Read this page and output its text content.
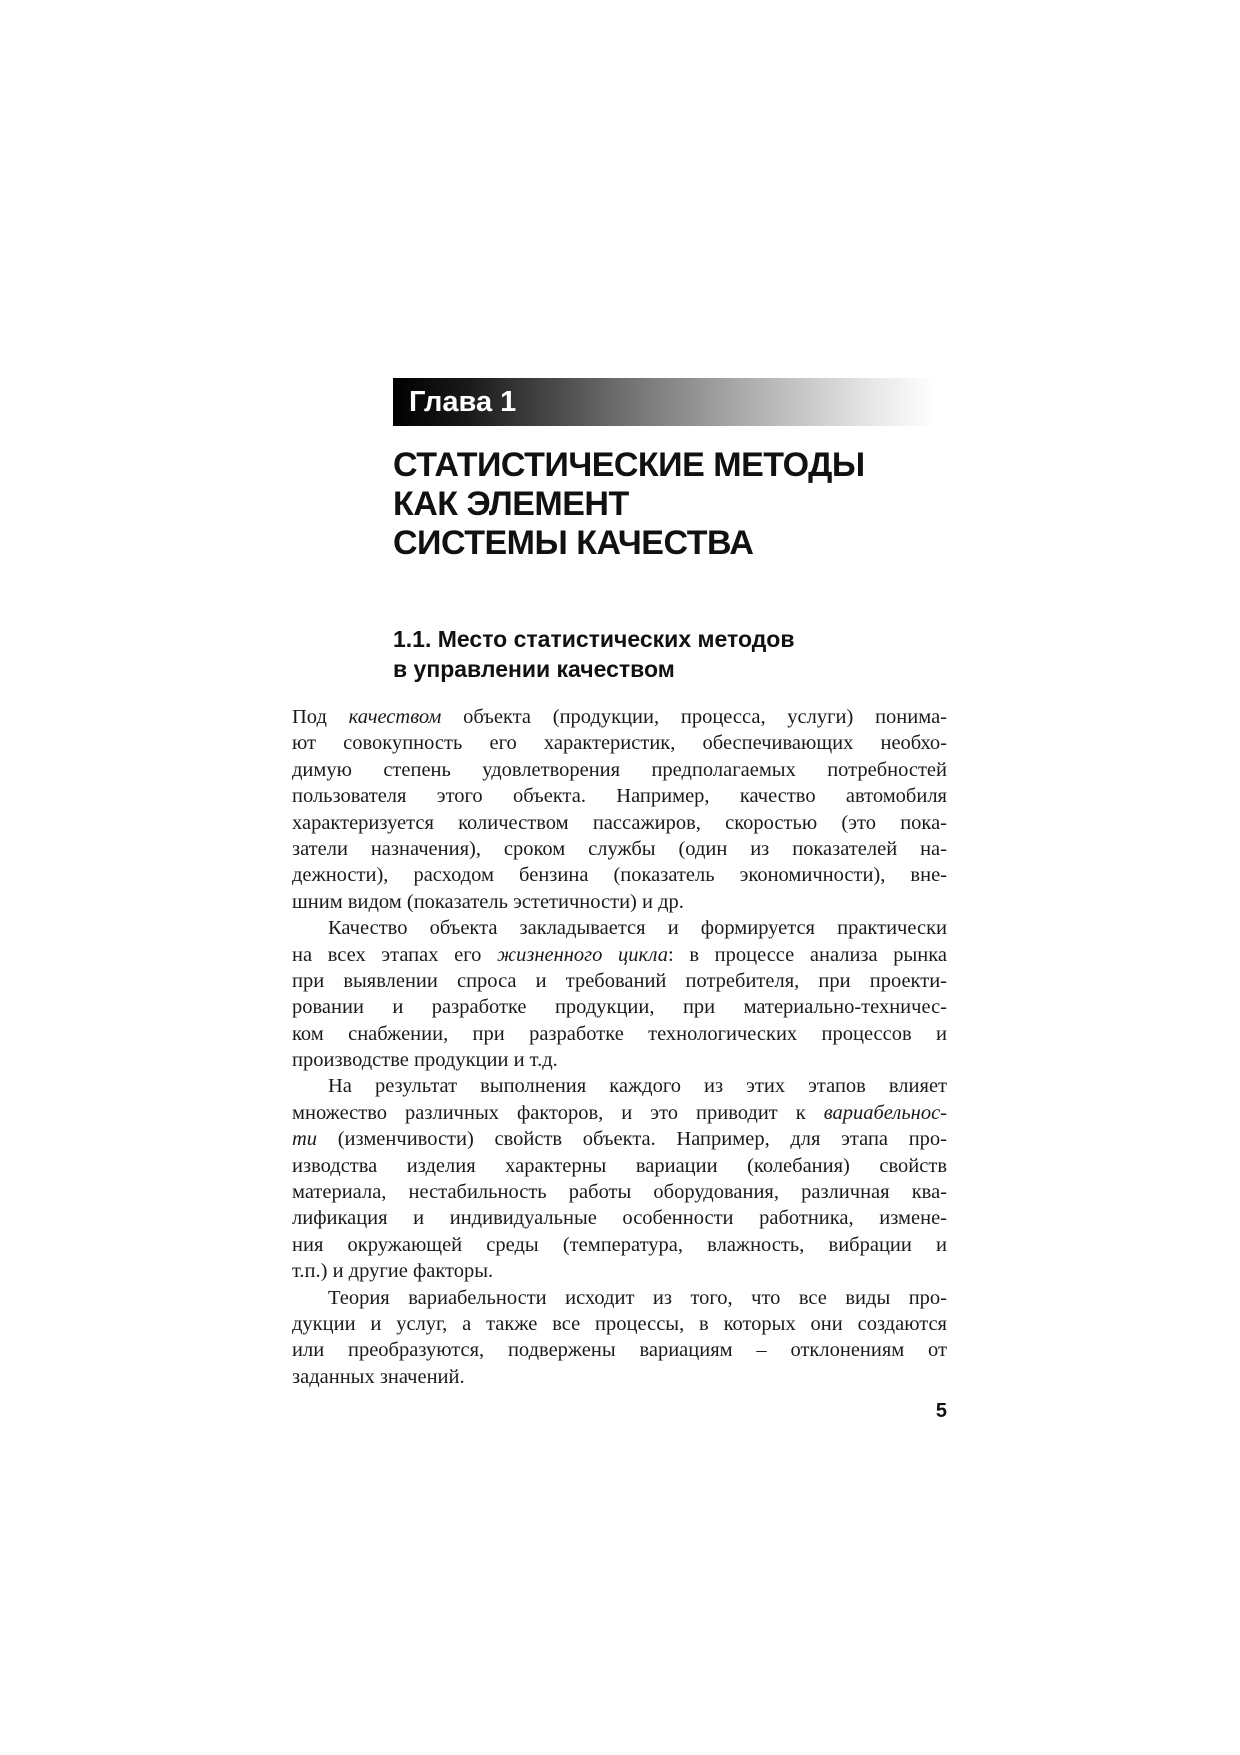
Глава 1
СТАТИСТИЧЕСКИЕ МЕТОДЫ
КАК ЭЛЕМЕНТ
СИСТЕМЫ КАЧЕСТВА
1.1. Место статистических методов
в управлении качеством
Под качеством объекта (продукции, процесса, услуги) понима-
ют совокупность его характеристик, обеспечивающих необхо-
димую степень удовлетворения предполагаемых потребностей
пользователя этого объекта. Например, качество автомобиля
характеризуется количеством пассажиров, скоростью (это пока-
затели назначения), сроком службы (один из показателей на-
дежности), расходом бензина (показатель экономичности), вне-
шним видом (показатель эстетичности) и др.
Качество объекта закладывается и формируется практически
на всех этапах его жизненного цикла: в процессе анализа рынка
при выявлении спроса и требований потребителя, при проекти-
ровании и разработке продукции, при материально-техничес-
ком снабжении, при разработке технологических процессов и
производстве продукции и т.д.
На результат выполнения каждого из этих этапов влияет
множество различных факторов, и это приводит к вариабельнос-
ти (изменчивости) свойств объекта. Например, для этапа про-
изводства изделия характерны вариации (колебания) свойств
материала, нестабильность работы оборудования, различная ква-
лификация и индивидуальные особенности работника, измене-
ния окружающей среды (температура, влажность, вибрации и
т.п.) и другие факторы.
Теория вариабельности исходит из того, что все виды про-
дукции и услуг, а также все процессы, в которых они создаются
или преобразуются, подвержены вариациям – отклонениям от
заданных значений.
5
